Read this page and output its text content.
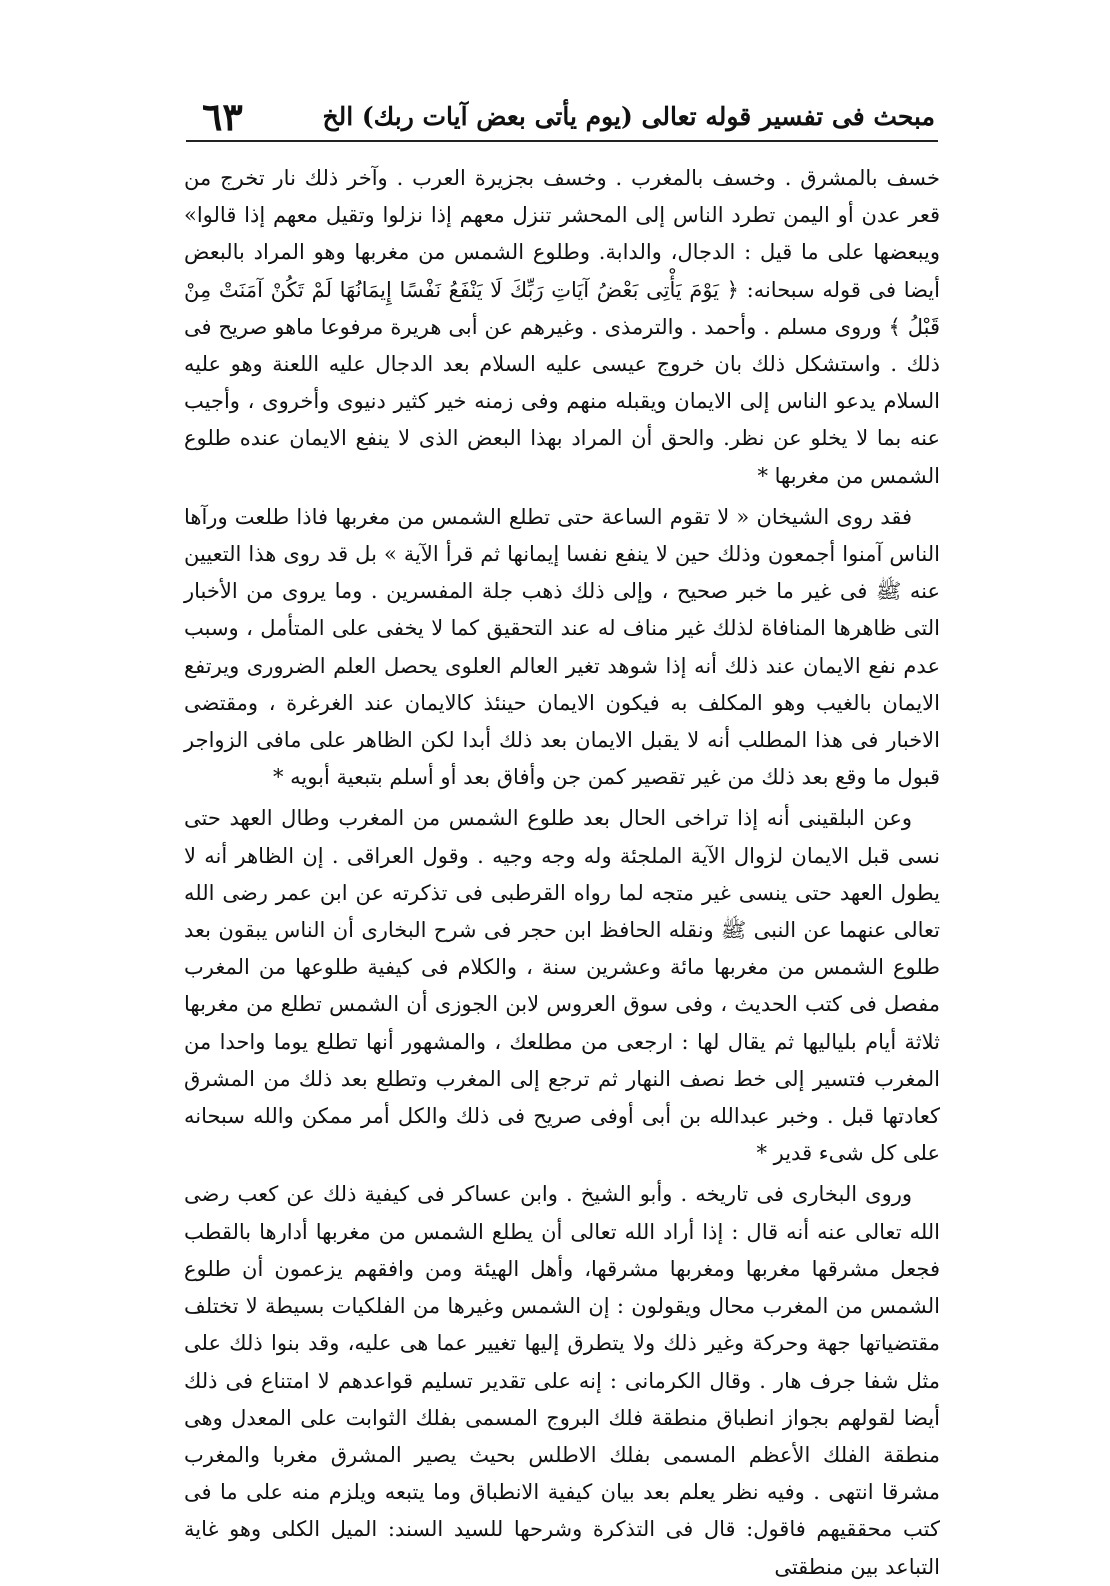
مبحث فى تفسير قوله تعالى (يوم يأتى بعض آيات ربك) الخ
٦٣

خسف بالمشرق . وخسف بالمغرب . وخسف بجزيرة العرب . وآخر ذلك نار تخرج من قعر عدن أو اليمن تطرد الناس إلى المحشر تنزل معهم إذا نزلوا وتقيل معهم إذا قالوا» ويبعضها على ما قيل : الدجال، والدابة. وطلوع الشمس من مغربها وهو المراد بالبعض أيضا فى قوله سبحانه: ﴿ يَوْمَ يَأْتِى بَعْضُ آيَاتِ رَبِّكَ لَا يَنْفَعُ نَفْسًا إِيمَانُهَا لَمْ تَكُنْ آمَنَتْ مِنْ قَبْلُ ﴾ وروى مسلم . وأحمد . والترمذى . وغيرهم عن أبى هريرة مرفوعا ماهو صريح فى ذلك . واستشكل ذلك بان خروج عيسى عليه السلام بعد الدجال عليه اللعنة وهو عليه السلام يدعو الناس إلى الايمان ويقبله منهم وفى زمنه خير كثير دنيوى وأخروى ، وأجيب عنه بما لا يخلو عن نظر. والحق أن المراد بهذا البعض الذى لا ينفع الايمان عنده طلوع الشمس من مغربها *

فقد روى الشيخان « لا تقوم الساعة حتى تطلع الشمس من مغربها فاذا طلعت ورآها الناس آمنوا أجمعون وذلك حين لا ينفع نفسا إيمانها ثم قرأ الآية » بل قد روى هذا التعيين عنه ﷺ فى غير ما خبر صحيح ، وإلى ذلك ذهب جلة المفسرين . وما يروى من الأخبار التى ظاهرها المنافاة لذلك غير مناف له عند التحقيق كما لا يخفى على المتأمل ، وسبب عدم نفع الايمان عند ذلك أنه إذا شوهد تغير العالم العلوى يحصل العلم الضرورى ويرتفع الايمان بالغيب وهو المكلف به فيكون الايمان حينئذ كالايمان عند الغرغرة ، ومقتضى الاخبار فى هذا المطلب أنه لا يقبل الايمان بعد ذلك أبدا لكن الظاهر على مافى الزواجر قبول ما وقع بعد ذلك من غير تقصير كمن جن وأفاق بعد أو أسلم بتبعية أبويه *

وعن البلقينى أنه إذا تراخى الحال بعد طلوع الشمس من المغرب وطال العهد حتى نسى قبل الايمان لزوال الآية الملجئة وله وجه وجيه . وقول العراقى . إن الظاهر أنه لا يطول العهد حتى ينسى غير متجه لما رواه القرطبى فى تذكرته عن ابن عمر رضى الله تعالى عنهما عن النبى ﷺ ونقله الحافظ ابن حجر فى شرح البخارى أن الناس يبقون بعد طلوع الشمس من مغربها مائة وعشرين سنة ، والكلام فى كيفية طلوعها من المغرب مفصل فى كتب الحديث ، وفى سوق العروس لابن الجوزى أن الشمس تطلع من مغربها ثلاثة أيام بلياليها ثم يقال لها : ارجعى من مطلعك ، والمشهور أنها تطلع يوما واحدا من المغرب فتسير إلى خط نصف النهار ثم ترجع إلى المغرب وتطلع بعد ذلك من المشرق كعادتها قبل . وخبر عبدالله بن أبى أوفى صريح فى ذلك والكل أمر ممكن والله سبحانه على كل شىء قدير *

وروى البخارى فى تاريخه . وأبو الشيخ . وابن عساكر فى كيفية ذلك عن كعب رضى الله تعالى عنه أنه قال : إذا أراد الله تعالى أن يطلع الشمس من مغربها أدارها بالقطب فجعل مشرقها مغربها ومغربها مشرقها، وأهل الهيئة ومن وافقهم يزعمون أن طلوع الشمس من المغرب محال ويقولون : إن الشمس وغيرها من الفلكيات بسيطة لا تختلف مقتضياتها جهة وحركة وغير ذلك ولا يتطرق إليها تغيير عما هى عليه، وقد بنوا ذلك على مثل شفا جرف هار . وقال الكرمانى : إنه على تقدير تسليم قواعدهم لا امتناع فى ذلك أيضا لقولهم بجواز انطباق منطقة فلك البروج المسمى بفلك الثوابت على المعدل وهى منطقة الفلك الأعظم المسمى بفلك الاطلس بحيث يصير المشرق مغربا والمغرب مشرقا انتهى . وفيه نظر يعلم بعد بيان كيفية الانطباق وما يتبعه ويلزم منه على ما فى كتب محققيهم فاقول: قال فى التذكرة وشرحها للسيد السند: الميل الكلى وهو غاية التباعد بين منطقتى
